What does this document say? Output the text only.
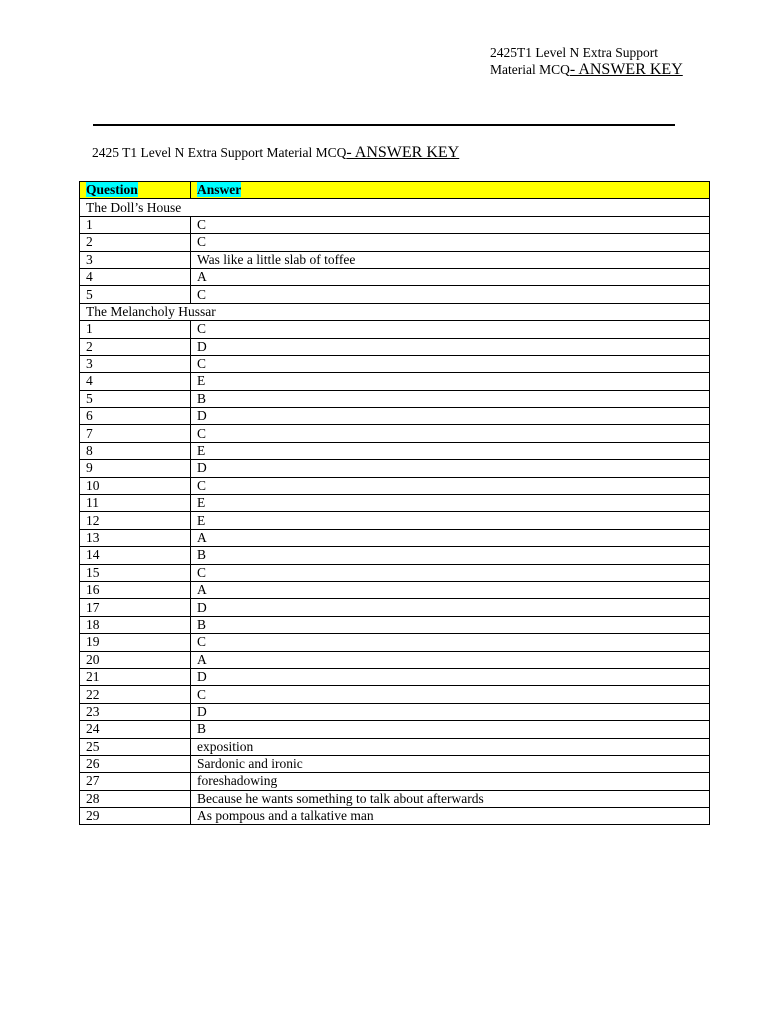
2425T1 Level N Extra Support
Material MCQ- ANSWER KEY
2425 T1 Level N Extra Support Material MCQ- ANSWER KEY
Question	Answer
The Doll’s House	
1	C
2	C
3	Was like a little slab of toffee
4	A
5	C
The Melancholy Hussar	
1	C
2	D
3	C
4	E
5	B
6	D
7	C
8	E
9	D
10	C
11	E
12	E
13	A
14	B
15	C
16	A
17	D
18	B
19	C
20	A
21	D
22	C
23	D
24	B
25	exposition
26	Sardonic and ironic
27	foreshadowing
28	Because he wants something to talk about afterwards
29	As pompous and a talkative man
